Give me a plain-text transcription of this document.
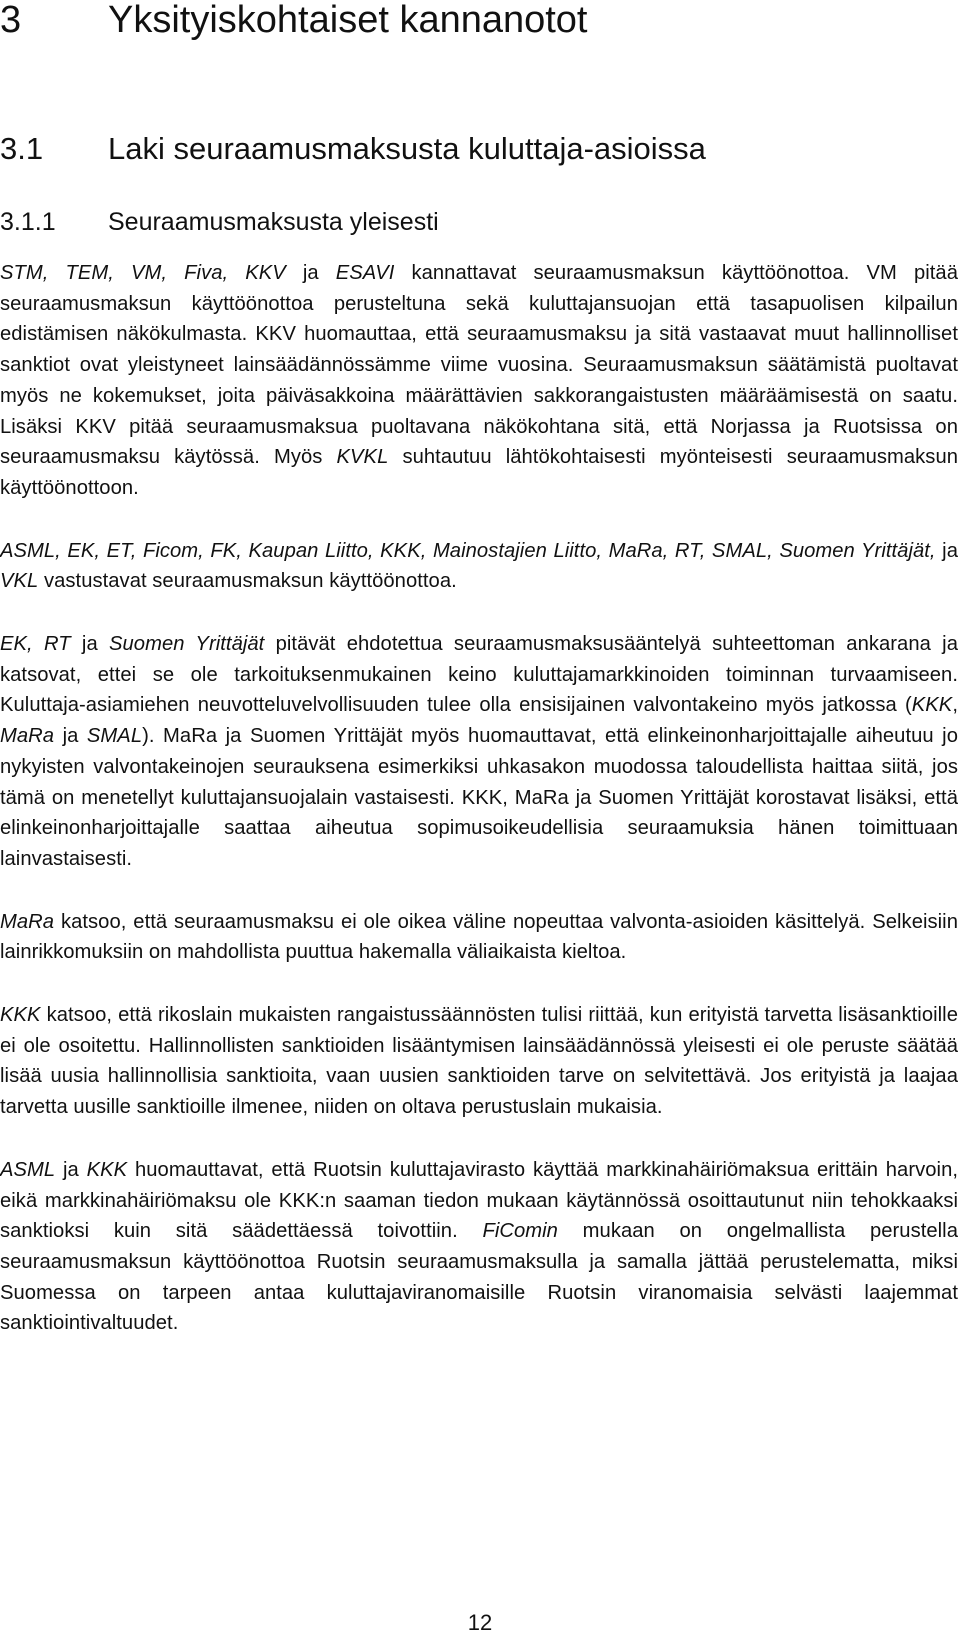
3 Yksityiskohtaiset kannanotot
3.1 Laki seuraamusmaksusta kuluttaja-asioissa
3.1.1 Seuraamusmaksusta yleisesti

STM, TEM, VM, Fiva, KKV ja ESAVI kannattavat seuraamusmaksun käyttöönottoa. VM pitää seuraamusmaksun käyttöönottoa perusteltuna sekä kuluttajansuojan että tasapuolisen kilpailun edistämisen näkökulmasta. KKV huomauttaa, että seuraamusmaksu ja sitä vastaavat muut hallinnolliset sanktiot ovat yleistyneet lainsäädännössämme viime vuosina. Seuraamusmaksun säätämistä puoltavat myös ne kokemukset, joita päiväsakkoina määrättävien sakkorangaistusten määräämisestä on saatu. Lisäksi KKV pitää seuraamusmaksua puoltavana näkökohtana sitä, että Norjassa ja Ruotsissa on seuraamusmaksu käytössä. Myös KVKL suhtautuu lähtökohtaisesti myönteisesti seuraamusmaksun käyttöönottoon.

ASML, EK, ET, Ficom, FK, Kaupan Liitto, KKK, Mainostajien Liitto, MaRa, RT, SMAL, Suomen Yrittäjät, ja VKL vastustavat seuraamusmaksun käyttöönottoa.

EK, RT ja Suomen Yrittäjät pitävät ehdotettua seuraamusmaksusääntelyä suhteettoman ankarana ja katsovat, ettei se ole tarkoituksenmukainen keino kuluttajamarkkinoiden toiminnan turvaamiseen. Kuluttaja-asiamiehen neuvotteluvelvollisuuden tulee olla ensisijainen valvontakeino myös jatkossa (KKK, MaRa ja SMAL). MaRa ja Suomen Yrittäjät myös huomauttavat, että elinkeinonharjoittajalle aiheutuu jo nykyisten valvontakeinojen seurauksena esimerkiksi uhkasakon muodossa taloudellista haittaa siitä, jos tämä on menetellyt kuluttajansuojalain vastaisesti. KKK, MaRa ja Suomen Yrittäjät korostavat lisäksi, että elinkeinonharjoittajalle saattaa aiheutua sopimusoikeudellisia seuraamuksia hänen toimittuaan lainvastaisesti.

MaRa katsoo, että seuraamusmaksu ei ole oikea väline nopeuttaa valvonta-asioiden käsittelyä. Selkeisiin lainrikkomuksiin on mahdollista puuttua hakemalla väliaikaista kieltoa.

KKK katsoo, että rikoslain mukaisten rangaistussäännösten tulisi riittää, kun erityistä tarvetta lisäsanktioille ei ole osoitettu. Hallinnollisten sanktioiden lisääntymisen lainsäädännössä yleisesti ei ole peruste säätää lisää uusia hallinnollisia sanktioita, vaan uusien sanktioiden tarve on selvitettävä. Jos erityistä ja laajaa tarvetta uusille sanktioille ilmenee, niiden on oltava perustuslain mukaisia.

ASML ja KKK huomauttavat, että Ruotsin kuluttajavirasto käyttää markkinahäiriömaksua erittäin harvoin, eikä markkinahäiriömaksu ole KKK:n saaman tiedon mukaan käytännössä osoittautunut niin tehokkaaksi sanktioksi kuin sitä säädettäessä toivottiin. FiComin mukaan on ongelmallista perustella seuraamusmaksun käyttöönottoa Ruotsin seuraamusmaksulla ja samalla jättää perustelematta, miksi Suomessa on tarpeen antaa kuluttajaviranomaisille Ruotsin viranomaisia selvästi laajemmat sanktiointivaltuudet.

12
